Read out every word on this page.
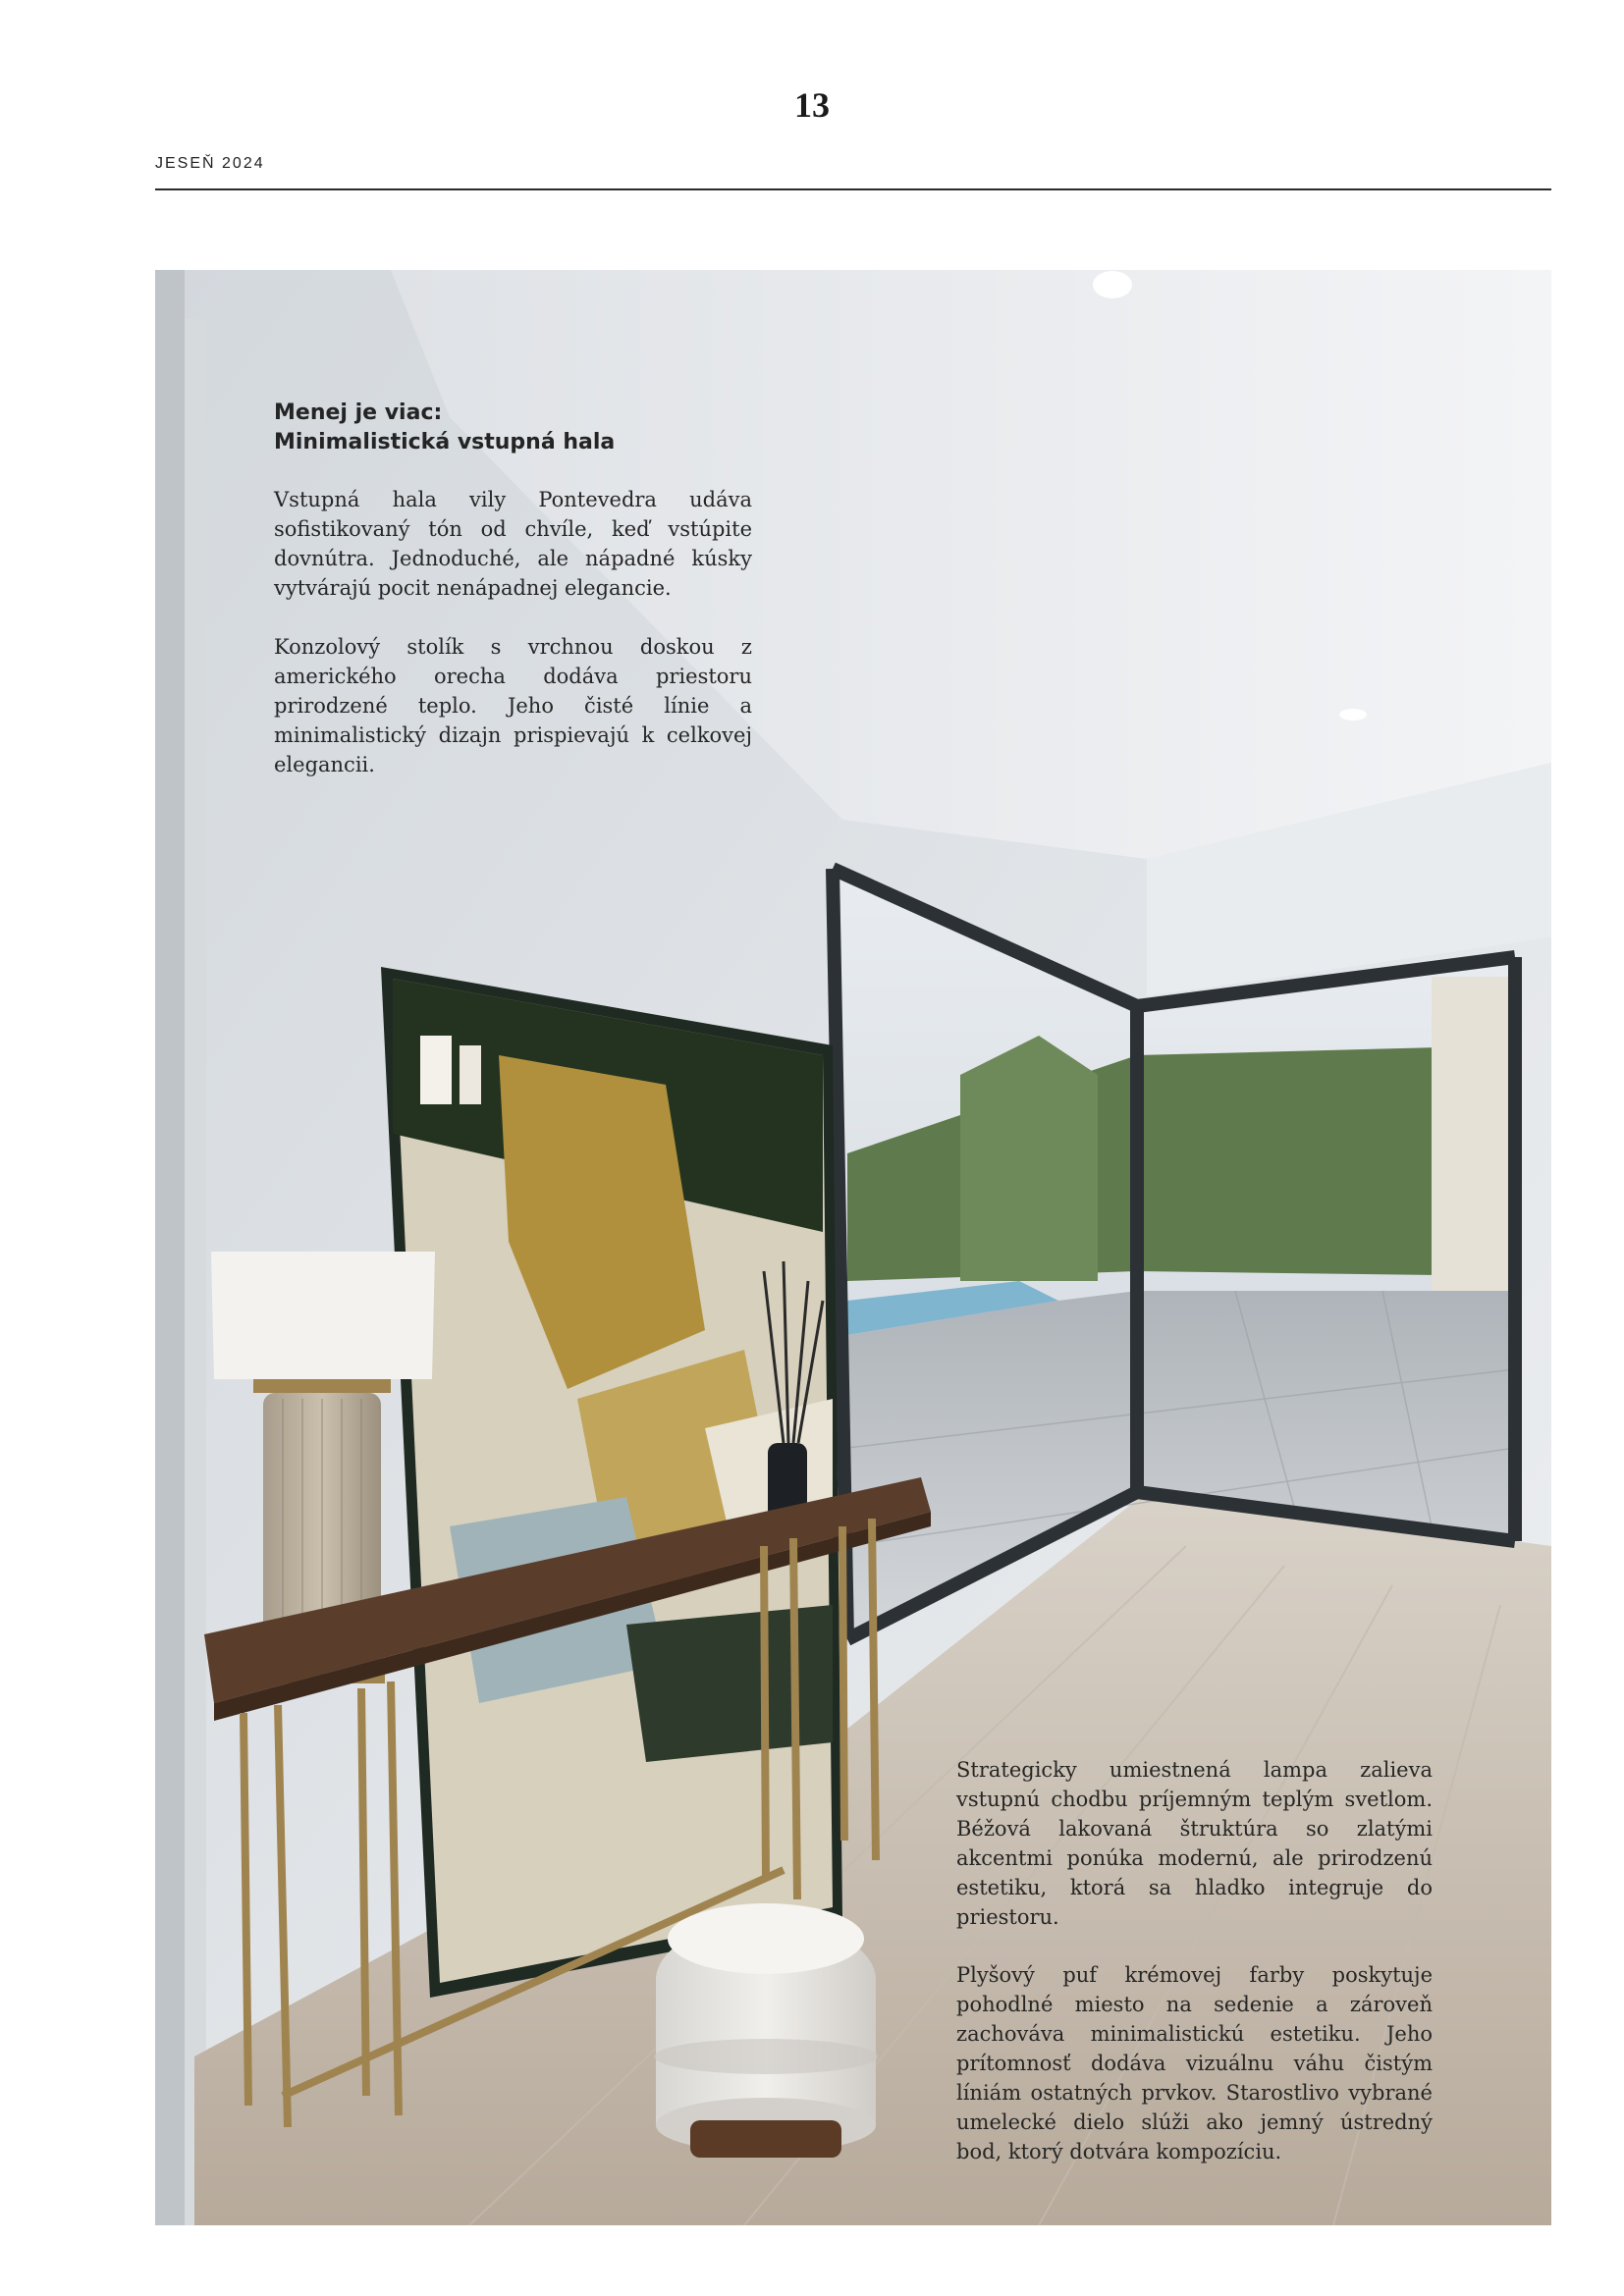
13
JESEŇ 2024
Menej je viac:
Minimalistická vstupná hala

Vstupná hala vily Pontevedra udáva sofistikovaný tón od chvíle, keď vstúpite dovnútra. Jednoduché, ale nápadné kúsky vytvárajú pocit nenápadnej elegancie.

Konzolový stolík s vrchnou doskou z amerického orecha dodáva priestoru prirodzené teplo. Jeho čisté línie a minimalistický dizajn prispievajú k celkovej elegancii.

Strategicky umiestnená lampa zalieva vstupnú chodbu príjemným teplým svetlom. Béžová lakovaná štruktúra so zlatými akcentmi ponúka modernú, ale prirodzenú estetiku, ktorá sa hladko integruje do priestoru.

Plyšový puf krémovej farby poskytuje pohodlné miesto na sedenie a zároveň zachováva minimalistickú estetiku. Jeho prítomnosť dodáva vizuálnu váhu čistým líniám ostatných prvkov. Starostlivo vybrané umelecké dielo slúži ako jemný ústredný bod, ktorý dotvára kompozíciu.
